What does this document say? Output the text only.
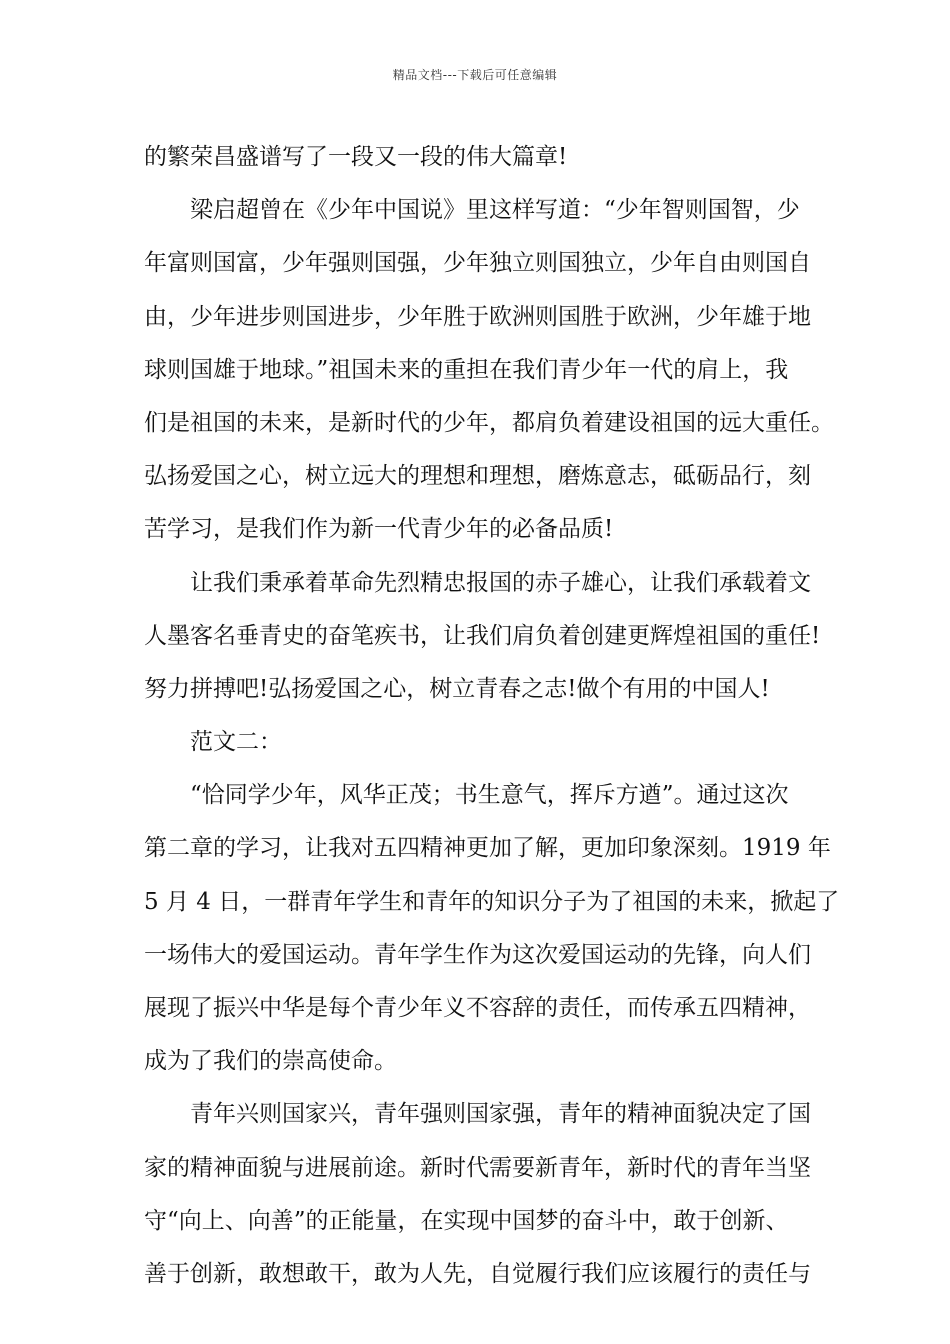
精品文档---下载后可任意编辑
的繁荣昌盛谱写了一段又一段的伟大篇章!
梁启超曾在《少年中国说》里这样写道：“少年智则国智，少
年富则国富，少年强则国强，少年独立则国独立，少年自由则国自
由，少年进步则国进步，少年胜于欧洲则国胜于欧洲，少年雄于地
球则国雄于地球。”祖国未来的重担在我们青少年一代的肩上，我
们是祖国的未来，是新时代的少年，都肩负着建设祖国的远大重任。
弘扬爱国之心，树立远大的理想和理想，磨炼意志，砥砺品行，刻
苦学习，是我们作为新一代青少年的必备品质!
让我们秉承着革命先烈精忠报国的赤子雄心，让我们承载着文
人墨客名垂青史的奋笔疾书，让我们肩负着创建更辉煌祖国的重任!
努力拼搏吧!弘扬爱国之心，树立青春之志!做个有用的中国人!
范文二：
“恰同学少年，风华正茂；书生意气，挥斥方遒”。通过这次
第二章的学习，让我对五四精神更加了解，更加印象深刻。1919 年
5 月 4 日，一群青年学生和青年的知识分子为了祖国的未来，掀起了
一场伟大的爱国运动。青年学生作为这次爱国运动的先锋，向人们
展现了振兴中华是每个青少年义不容辞的责任，而传承五四精神，
成为了我们的崇高使命。
青年兴则国家兴，青年强则国家强，青年的精神面貌决定了国
家的精神面貌与进展前途。新时代需要新青年，新时代的青年当坚
守“向上、向善”的正能量，在实现中国梦的奋斗中，敢于创新、
善于创新，敢想敢干，敢为人先，自觉履行我们应该履行的责任与
